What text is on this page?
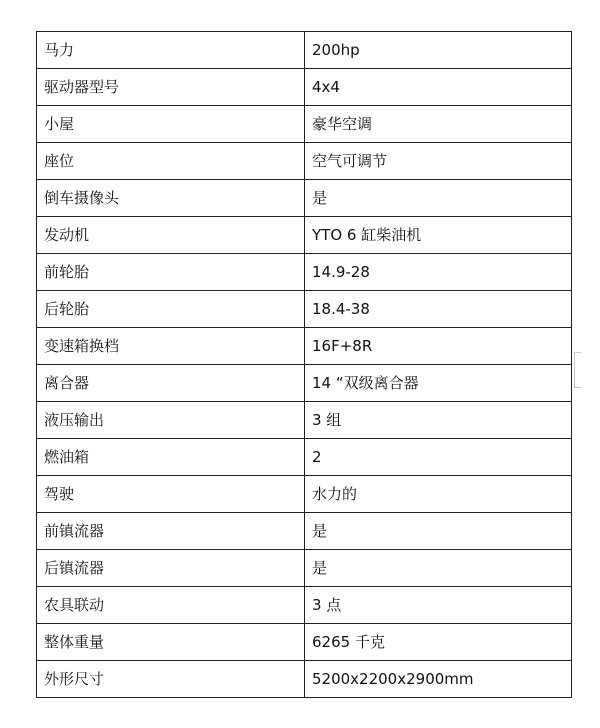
马力	200hp
驱动器型号	4x4
小屋	豪华空调
座位	空气可调节
倒车摄像头	是
发动机	YTO 6 缸柴油机
前轮胎	14.9-28
后轮胎	18.4-38
变速箱换档	16F+8R
离合器	14 “双级离合器
液压输出	3 组
燃油箱	2
驾驶	水力的
前镇流器	是
后镇流器	是
农具联动	3 点
整体重量	6265 千克
外形尺寸	5200x2200x2900mm
